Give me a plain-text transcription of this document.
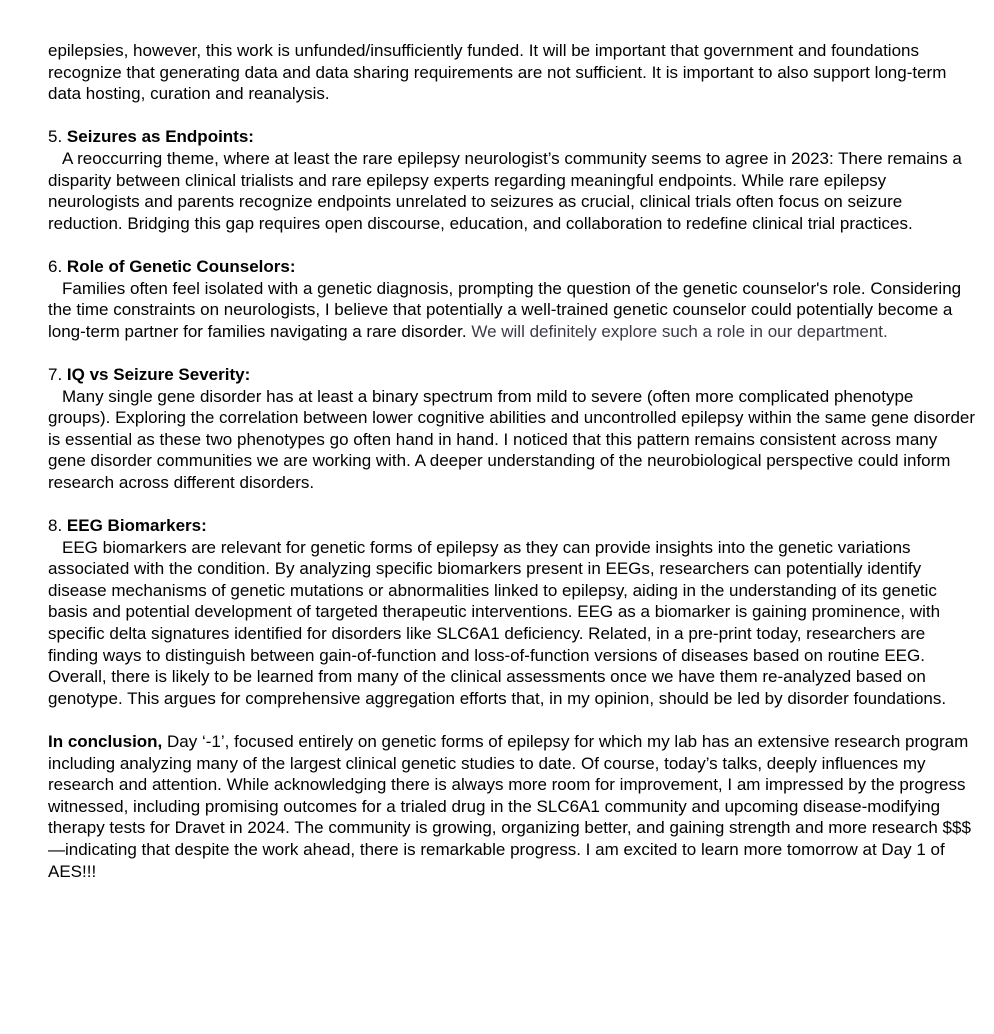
epilepsies, however, this work is unfunded/insufficiently funded. It will be important that government and foundations recognize that generating data and data sharing requirements are not sufficient. It is important to also support long-term data hosting, curation and reanalysis.

5. Seizures as Endpoints:

A reoccurring theme, where at least the rare epilepsy neurologist’s community seems to agree in 2023: There remains a disparity between clinical trialists and rare epilepsy experts regarding meaningful endpoints. While rare epilepsy neurologists and parents recognize endpoints unrelated to seizures as crucial, clinical trials often focus on seizure reduction. Bridging this gap requires open discourse, education, and collaboration to redefine clinical trial practices.

6. Role of Genetic Counselors:

Families often feel isolated with a genetic diagnosis, prompting the question of the genetic counselor's role. Considering the time constraints on neurologists, I believe that potentially a well-trained genetic counselor could potentially become a long-term partner for families navigating a rare disorder. We will definitely explore such a role in our department.

7. IQ vs Seizure Severity:

Many single gene disorder has at least a binary spectrum from mild to severe (often more complicated phenotype groups). Exploring the correlation between lower cognitive abilities and uncontrolled epilepsy within the same gene disorder is essential as these two phenotypes go often hand in hand. I noticed that this pattern remains consistent across many gene disorder communities we are working with. A deeper understanding of the neurobiological perspective could inform research across different disorders.

8. EEG Biomarkers:

EEG biomarkers are relevant for genetic forms of epilepsy as they can provide insights into the genetic variations associated with the condition. By analyzing specific biomarkers present in EEGs, researchers can potentially identify disease mechanisms of genetic mutations or abnormalities linked to epilepsy, aiding in the understanding of its genetic basis and potential development of targeted therapeutic interventions. EEG as a biomarker is gaining prominence, with specific delta signatures identified for disorders like SLC6A1 deficiency. Related, in a pre-print today, researchers are finding ways to distinguish between gain-of-function and loss-of-function versions of diseases based on routine EEG. Overall, there is likely to be learned from many of the clinical assessments once we have them re-analyzed based on genotype. This argues for comprehensive aggregation efforts that, in my opinion, should be led by disorder foundations.

In conclusion, Day ‘-1’, focused entirely on genetic forms of epilepsy for which my lab has an extensive research program including analyzing many of the largest clinical genetic studies to date. Of course, today’s talks, deeply influences my research and attention. While acknowledging there is always more room for improvement, I am impressed by the progress witnessed, including promising outcomes for a trialed drug in the SLC6A1 community and upcoming disease-modifying therapy tests for Dravet in 2024. The community is growing, organizing better, and gaining strength and more research $$$ —indicating that despite the work ahead, there is remarkable progress. I am excited to learn more tomorrow at Day 1 of AES!!!
